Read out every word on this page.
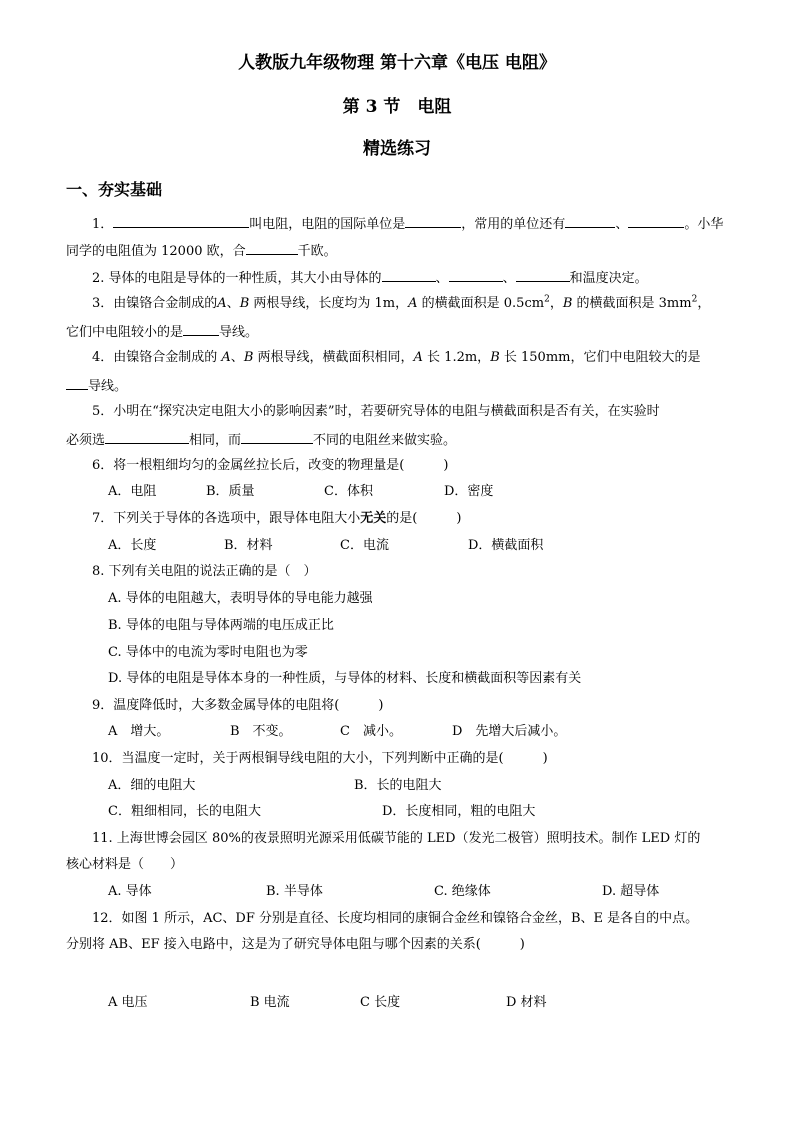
人教版九年级物理 第十六章《电压 电阻》
第 3 节　电阻
精选练习
一、夯实基础
1．	叫电阻，电阻的国际单位是	，常用的单位还有	、	。小华
同学的电阻值为 12000 欧，合	千欧。
2. 导体的电阻是导体的一种性质，其大小由导体的	、	、	和温度决定。
3．由镍铬合金制成的A、B 两根导线，长度均为 1m，A 的横截面积是 $0.5cm^2$，B 的横截面积是 $3mm^2$，
它们中电阻较小的是	导线。
4．由镍铬合金制成的 A、B 两根导线，横截面积相同，A 长 1.2m，B 长 150mm，它们中电阻较大的是
导线。
5．小明在“探究决定电阻大小的影响因素”时，若要研究导体的电阻与横截面积是否有关，在实验时
必须选	相同，而	不同的电阻丝来做实验。
6．将一根粗细均匀的金属丝拉长后，改变的物理量是(　　　)
A．电阻	B．质量	C．体积	D．密度
7．下列关于导体的各选项中，跟导体电阻大小无关的是(　　　)
A．长度	B．材料	C．电流	D．横截面积
8. 下列有关电阻的说法正确的是（　）
A. 导体的电阻越大，表明导体的导电能力越强
B. 导体的电阻与导体两端的电压成正比
C. 导体中的电流为零时电阻也为零
D. 导体的电阻是导体本身的一种性质，与导体的材料、长度和横截面积等因素有关
9．温度降低时，大多数金属导体的电阻将(　　　)
A　增大。	B　不变。	C　减小。	D　先增大后减小。
10．当温度一定时，关于两根铜导线电阻的大小，下列判断中正确的是(　　　)
A．细的电阻大	B．长的电阻大
C．粗细相同，长的电阻大	D．长度相同，粗的电阻大
11. 上海世博会园区 80%的夜景照明光源采用低碳节能的 LED（发光二极管）照明技术。制作 LED 灯的
核心材料是（　　）
A. 导体	B. 半导体	C. 绝缘体	D. 超导体
12．如图 1 所示，AC、DF 分别是直径、长度均相同的康铜合金丝和镍铬合金丝，B、E 是各自的中点。
分别将 AB、EF 接入电路中，这是为了研究导体电阻与哪个因素的关系(　　　)
A 电压	B 电流	C 长度	D 材料
